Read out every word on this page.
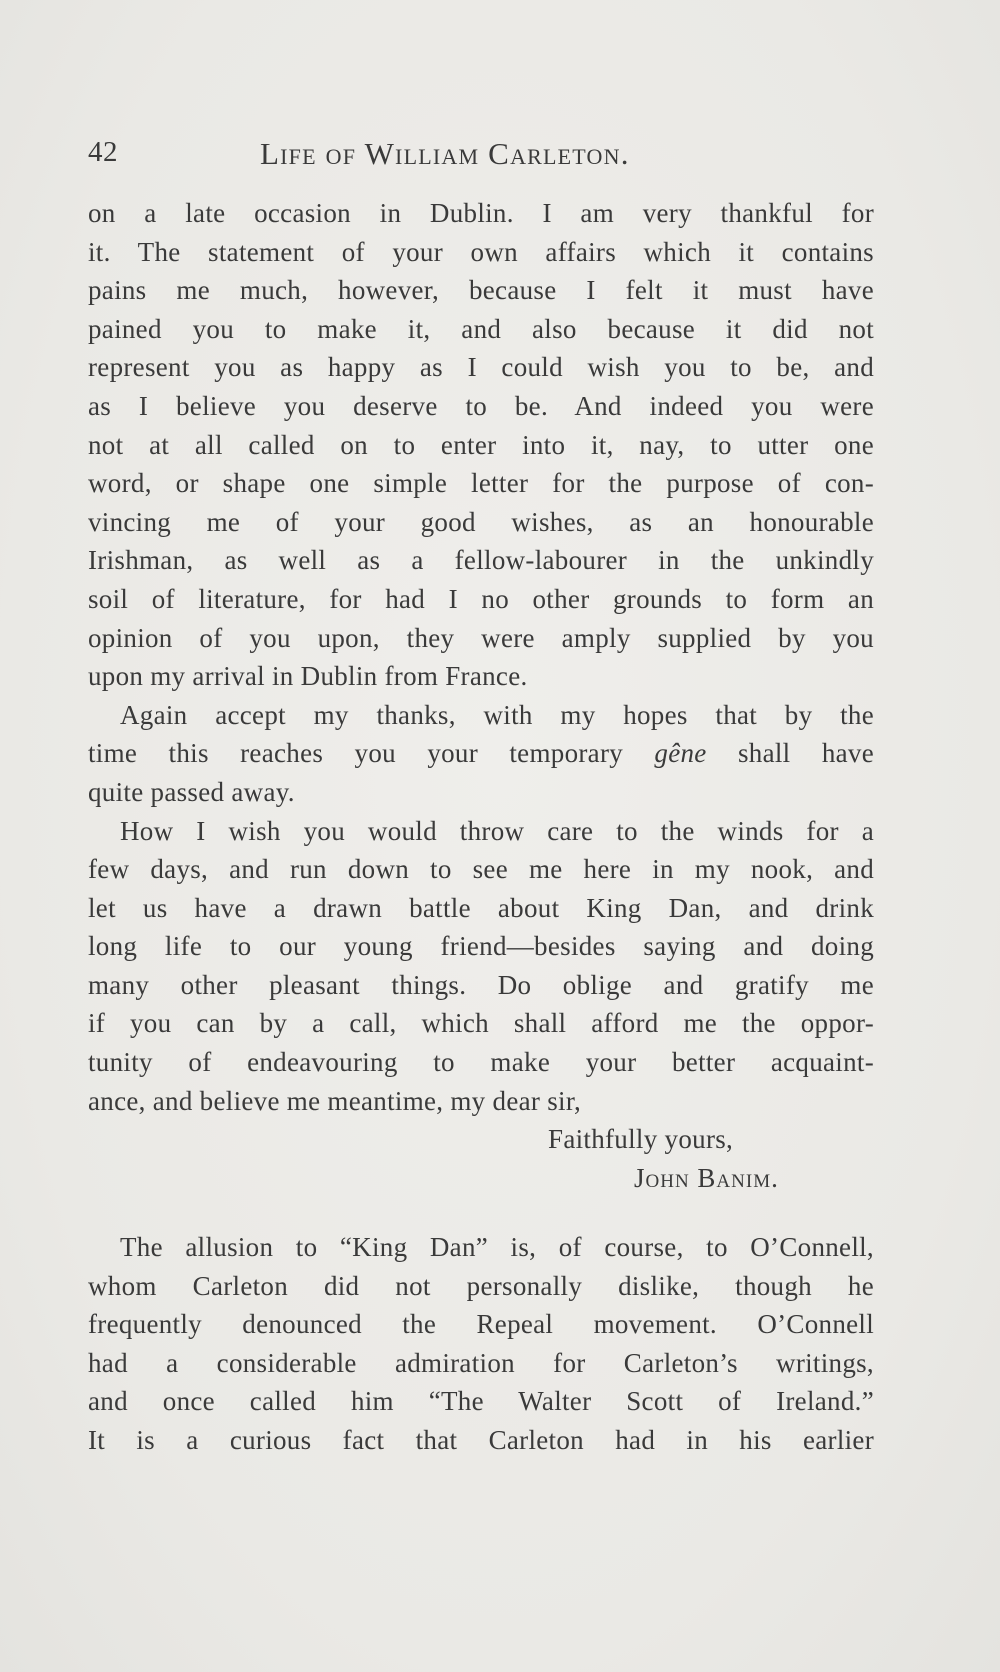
42	Life of William Carleton.
on a late occasion in Dublin. I am very thankful for
it. The statement of your own affairs which it contains
pains me much, however, because I felt it must have
pained you to make it, and also because it did not
represent you as happy as I could wish you to be, and
as I believe you deserve to be. And indeed you were
not at all called on to enter into it, nay, to utter one
word, or shape one simple letter for the purpose of con-
vincing me of your good wishes, as an honourable
Irishman, as well as a fellow-labourer in the unkindly
soil of literature, for had I no other grounds to form an
opinion of you upon, they were amply supplied by you
upon my arrival in Dublin from France.
Again accept my thanks, with my hopes that by the
time this reaches you your temporary gêne shall have
quite passed away.
How I wish you would throw care to the winds for a
few days, and run down to see me here in my nook, and
let us have a drawn battle about King Dan, and drink
long life to our young friend—besides saying and doing
many other pleasant things. Do oblige and gratify me
if you can by a call, which shall afford me the oppor-
tunity of endeavouring to make your better acquaint-
ance, and believe me meantime, my dear sir,
Faithfully yours,
John Banim.
The allusion to “King Dan” is, of course, to O’Connell,
whom Carleton did not personally dislike, though he
frequently denounced the Repeal movement. O’Connell
had a considerable admiration for Carleton’s writings,
and once called him “The Walter Scott of Ireland.”
It is a curious fact that Carleton had in his earlier
